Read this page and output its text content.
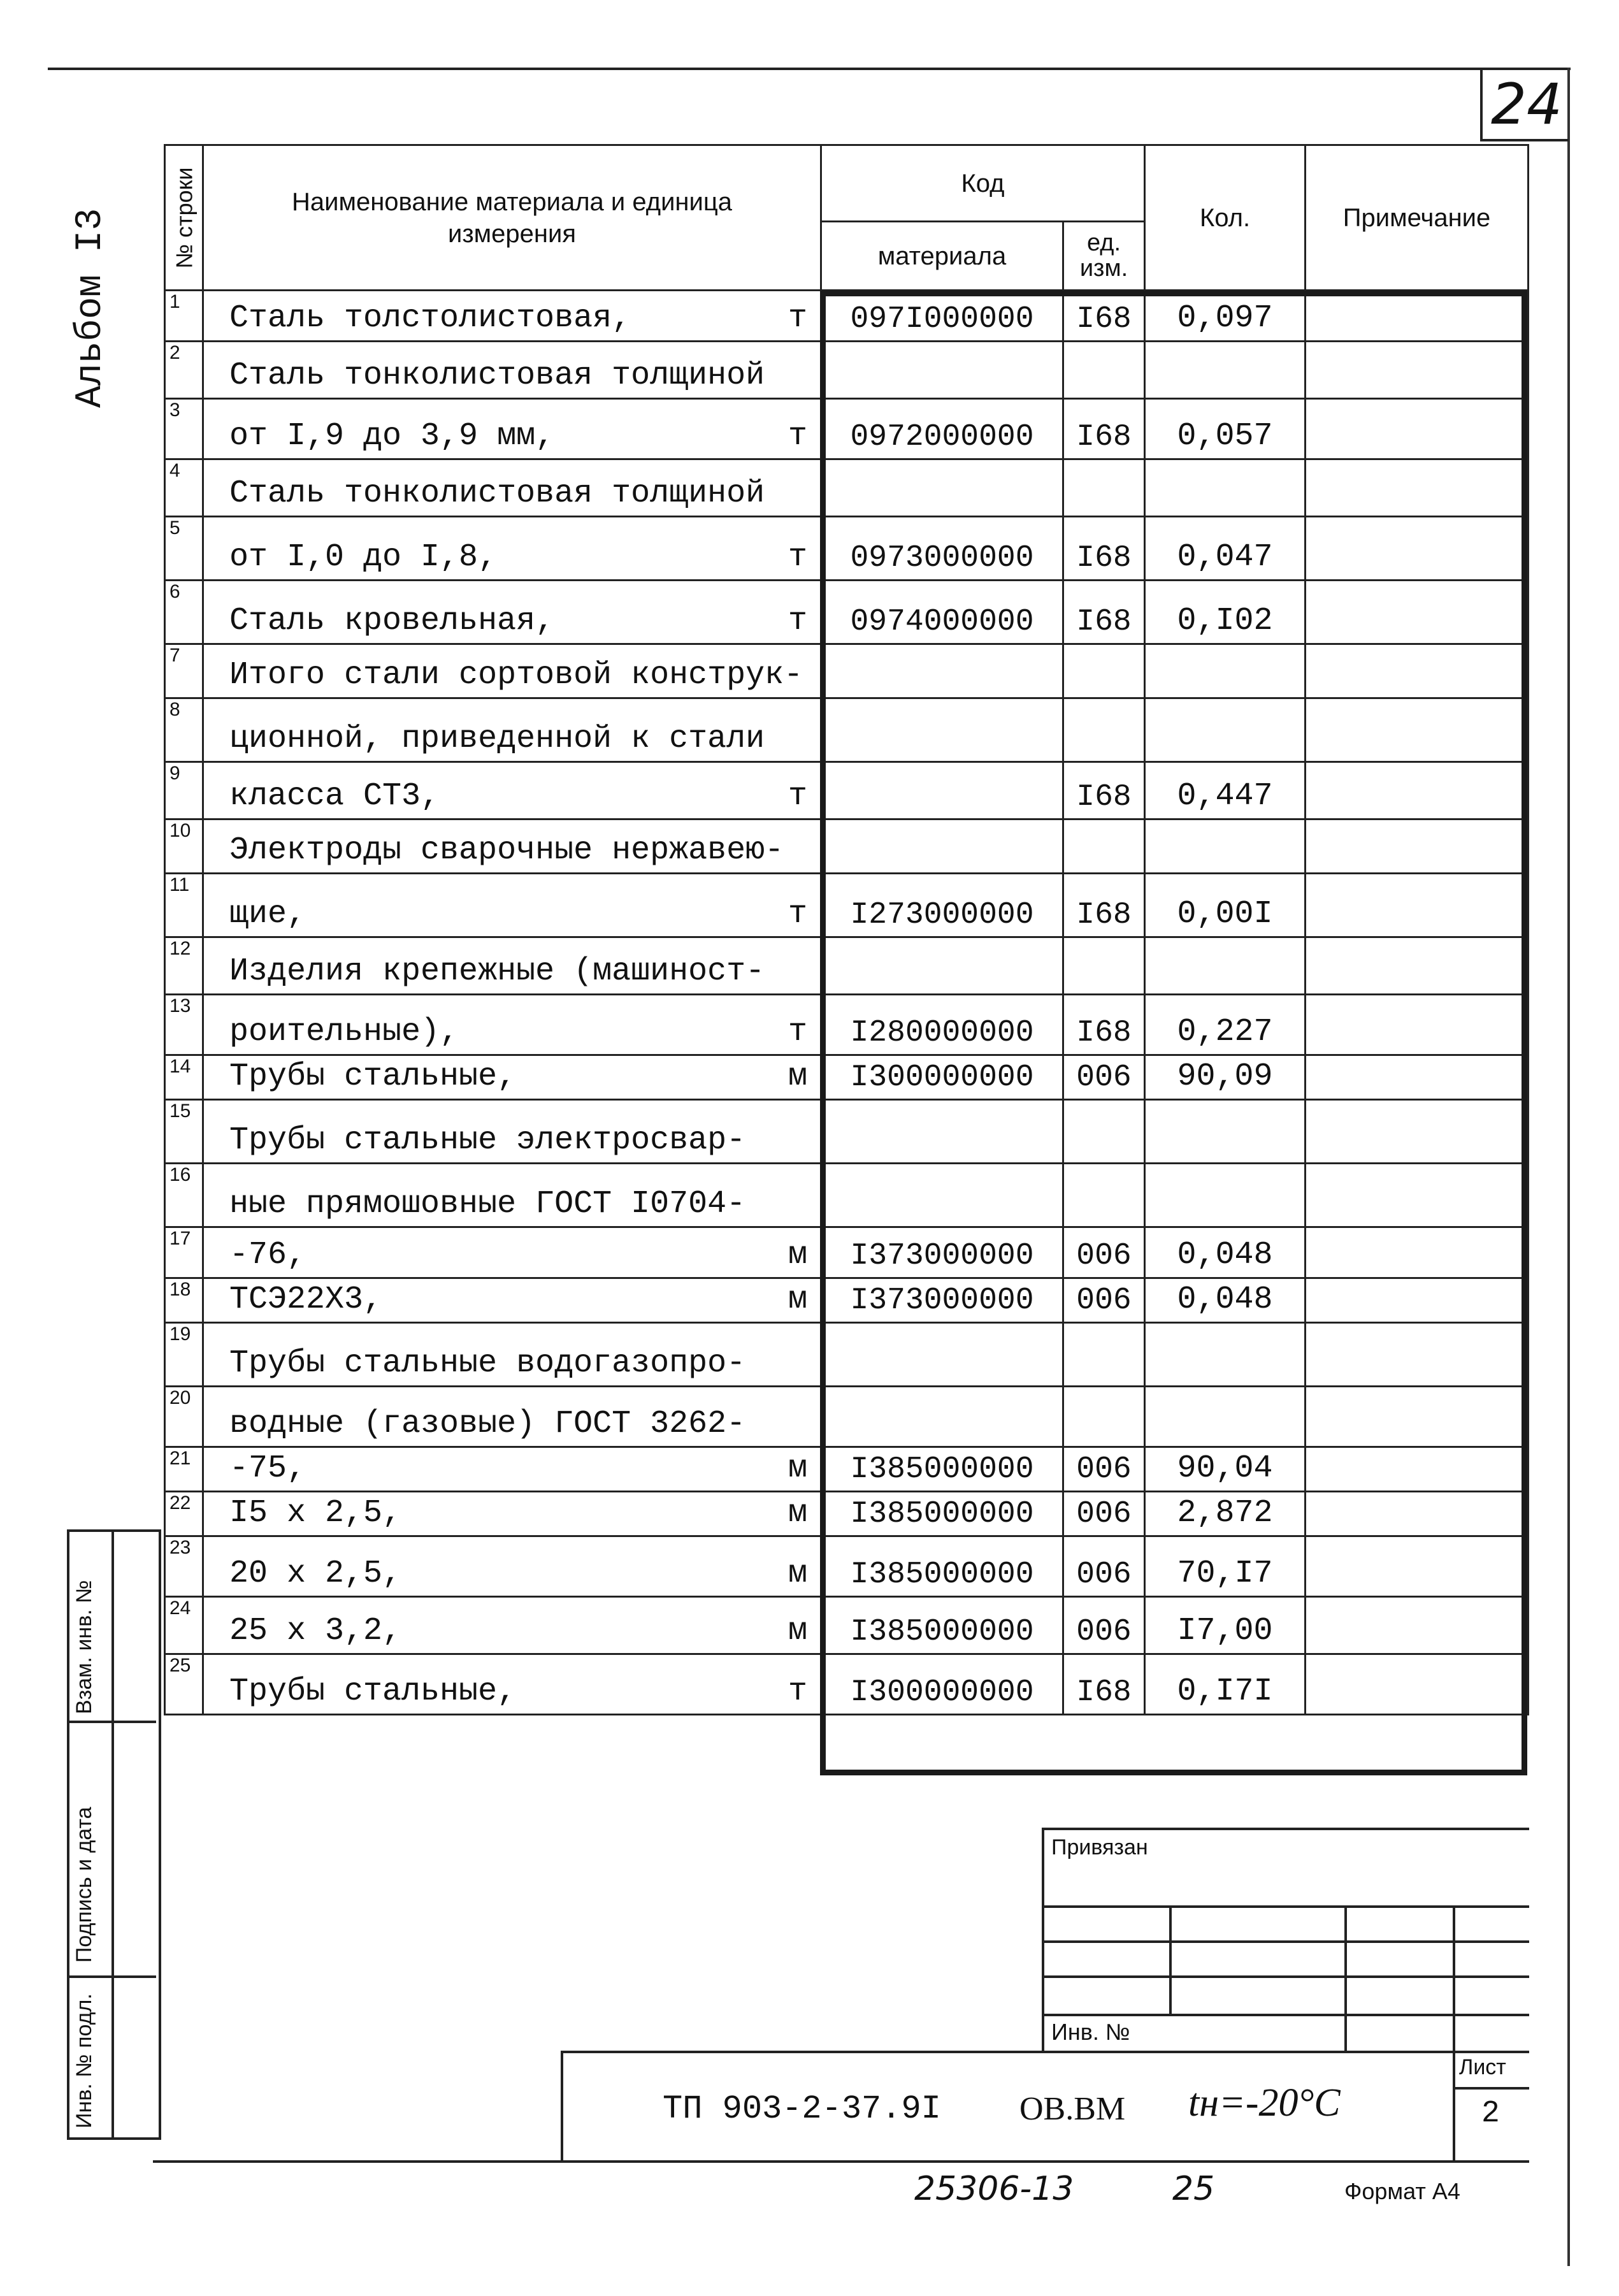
24
Альбом I3	№ строки	Наименование материала и единица измерения	Код		Кол.	Примечание
		материала	ед. изм.		
1	Сталь толстолистовая, т	097I000000	I68	0,097	
2	Сталь тонколистовая толщиной				

3	от I,9 до 3,9 мм, т	0972000000	I68	0,057	
4	Сталь тонколистовая толщиной				

5	от I,0 до I,8, т	0973000000	I68	0,047	
6	Сталь кровельная, т	0974000000	I68	0,I02	
7	Итого стали сортовой конструк-				

8	ционной, приведенной к стали				

9	класса СТ3, т		I68	0,447	
10	Электроды сварочные нержавею-				

11	щие, т	I273000000	I68	0,00I	
12	Изделия крепежные (машиност-				

13	роительные), т	I280000000	I68	0,227	
14	Трубы стальные, м	I300000000	006	90,09	
15	Трубы стальные электросвар-				

16	ные прямошовные ГОСТ I0704-				

17	-76, м	I373000000	006	0,048	
18	ТСЭ22Х3, м	I373000000	006	0,048	
19	Трубы стальные водогазопро-				

20	водные (газовые) ГОСТ 3262-				

21	-75, м	I385000000	006	90,04	
22	I5 x 2,5, м	I385000000	006	2,872	
23	20 x 2,5, м	I385000000	006	70,I7	
24	25 x 3,2, м	I385000000	006	I7,00	
25	Трубы стальные, т	I300000000	I68	0,I7I	
Взам. инв. №
Подпись и дата
Инв. № подл.
Привязан
Инв. №
Лист
2
ТП 903-2-37.9I ОВ.ВМ tн=-20°С
25306-13	25	Формат А4
